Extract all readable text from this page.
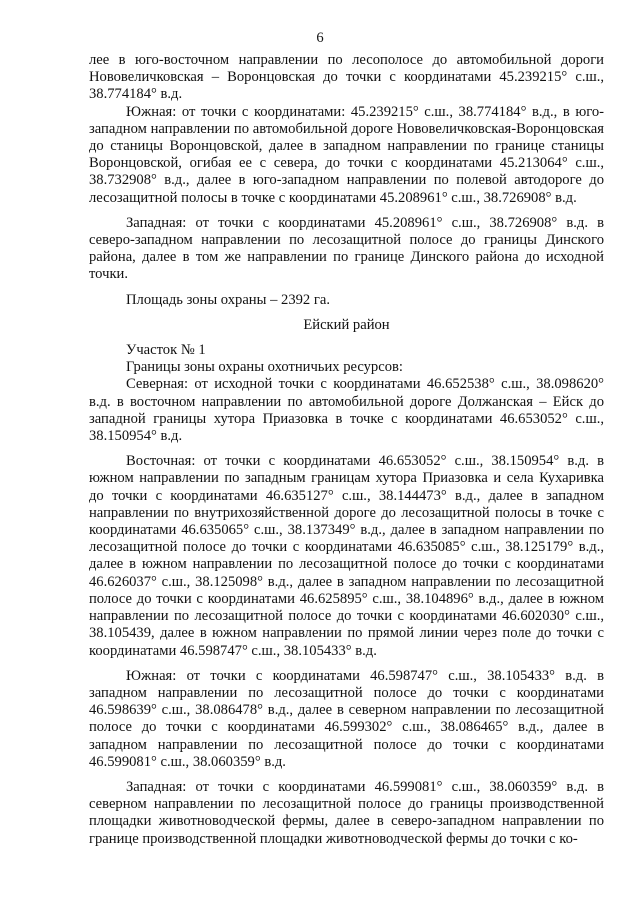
6

лее в юго-восточном направлении по лесополосе до автомобильной дороги Нововеличковская – Воронцовская до точки с координатами 45.239215° с.ш., 38.774184° в.д.

Южная: от точки с координатами: 45.239215° с.ш., 38.774184° в.д., в юго-западном направлении по автомобильной дороге Нововеличковская-Воронцовская до станицы Воронцовской, далее в западном направлении по границе станицы Воронцовской, огибая ее с севера, до точки с координатами 45.213064° с.ш., 38.732908° в.д., далее в юго-западном направлении по полевой автодороге до лесозащитной полосы в точке с координатами 45.208961° с.ш., 38.726908° в.д.

Западная: от точки с координатами 45.208961° с.ш., 38.726908° в.д. в северо-западном направлении по лесозащитной полосе до границы Динского района, далее в том же направлении по границе Динского района до исходной точки.

Площадь зоны охраны – 2392 га.

Ейский район

Участок № 1

Границы зоны охраны охотничьих ресурсов:

Северная: от исходной точки с координатами 46.652538° с.ш., 38.098620° в.д. в восточном направлении по автомобильной дороге Должанская – Ейск до западной границы хутора Приазовка в точке с координатами 46.653052° с.ш., 38.150954° в.д.

Восточная: от точки с координатами 46.653052° с.ш., 38.150954° в.д. в южном направлении по западным границам хутора Приазовка и села Кухаривка до точки с координатами 46.635127° с.ш., 38.144473° в.д., далее в западном направлении по внутрихозяйственной дороге до лесозащитной полосы в точке с координатами 46.635065° с.ш., 38.137349° в.д., далее в западном направлении по лесозащитной полосе до точки с координатами 46.635085° с.ш., 38.125179° в.д., далее в южном направлении по лесозащитной полосе до точки с координатами 46.626037° с.ш., 38.125098° в.д., далее в западном направлении по лесозащитной полосе до точки с координатами 46.625895° с.ш., 38.104896° в.д., далее в южном направлении по лесозащитной полосе до точки с координатами 46.602030° с.ш., 38.105439, далее в южном направлении по прямой линии через поле до точки с координатами 46.598747° с.ш., 38.105433° в.д.

Южная: от точки с координатами 46.598747° с.ш., 38.105433° в.д. в западном направлении по лесозащитной полосе до точки с координатами 46.598639° с.ш., 38.086478° в.д., далее в северном направлении по лесозащитной полосе до точки с координатами 46.599302° с.ш., 38.086465° в.д., далее в западном направлении по лесозащитной полосе до точки с координатами 46.599081° с.ш., 38.060359° в.д.

Западная: от точки с координатами 46.599081° с.ш., 38.060359° в.д. в северном направлении по лесозащитной полосе до границы производственной площадки животноводческой фермы, далее в северо-западном направлении по границе производственной площадки животноводческой фермы до точки с ко-
